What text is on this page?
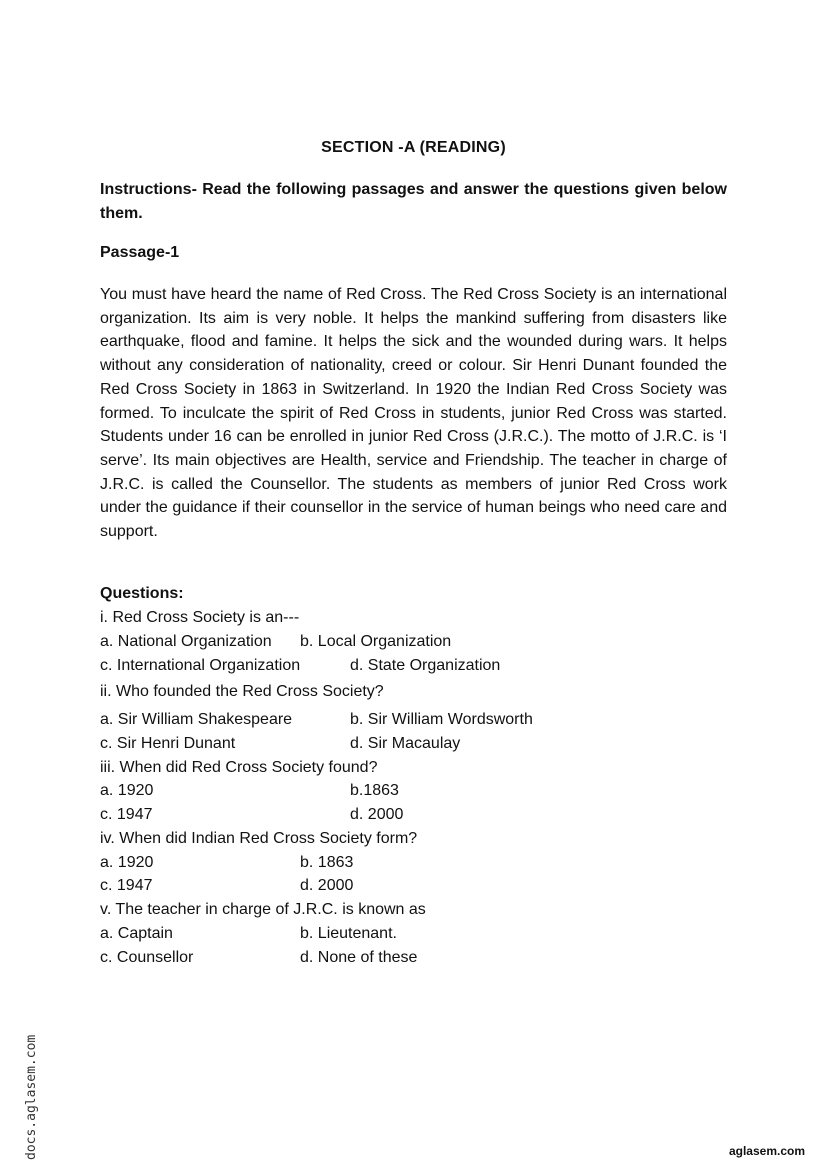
SECTION -A (READING)
Instructions- Read the following passages and answer the questions given below them.
Passage-1
You must have heard the name of Red Cross. The Red Cross Society is an international organization. Its aim is very noble. It helps the mankind suffering from disasters like earthquake, flood and famine. It helps the sick and the wounded during wars. It helps without any consideration of nationality, creed or colour. Sir Henri Dunant founded the Red Cross Society in 1863 in Switzerland. In 1920 the Indian Red Cross Society was formed. To inculcate the spirit of Red Cross in students, junior Red Cross was started. Students under 16 can be enrolled in junior Red Cross (J.R.C.). The motto of J.R.C. is ‘I serve’. Its main objectives are Health, service and Friendship. The teacher in charge of J.R.C. is called the Counsellor. The students as members of junior Red Cross work under the guidance if their counsellor in the service of human beings who need care and support.
Questions:
i. Red Cross Society is an---
a. National Organization b. Local Organization
c. International Organization	d. State Organization
ii. Who founded the Red Cross Society?
a. Sir William Shakespeare	b. Sir William Wordsworth
c. Sir Henri Dunant	d. Sir Macaulay
iii. When did Red Cross Society found?
a. 1920	b.1863
c. 1947	d. 2000
iv. When did Indian Red Cross Society form?
a. 1920	b. 1863
c. 1947	d. 2000
v. The teacher in charge of J.R.C. is known as
a. Captain	b. Lieutenant.
c. Counsellor	d. None of these
docs.aglasem.com	aglasem.com
